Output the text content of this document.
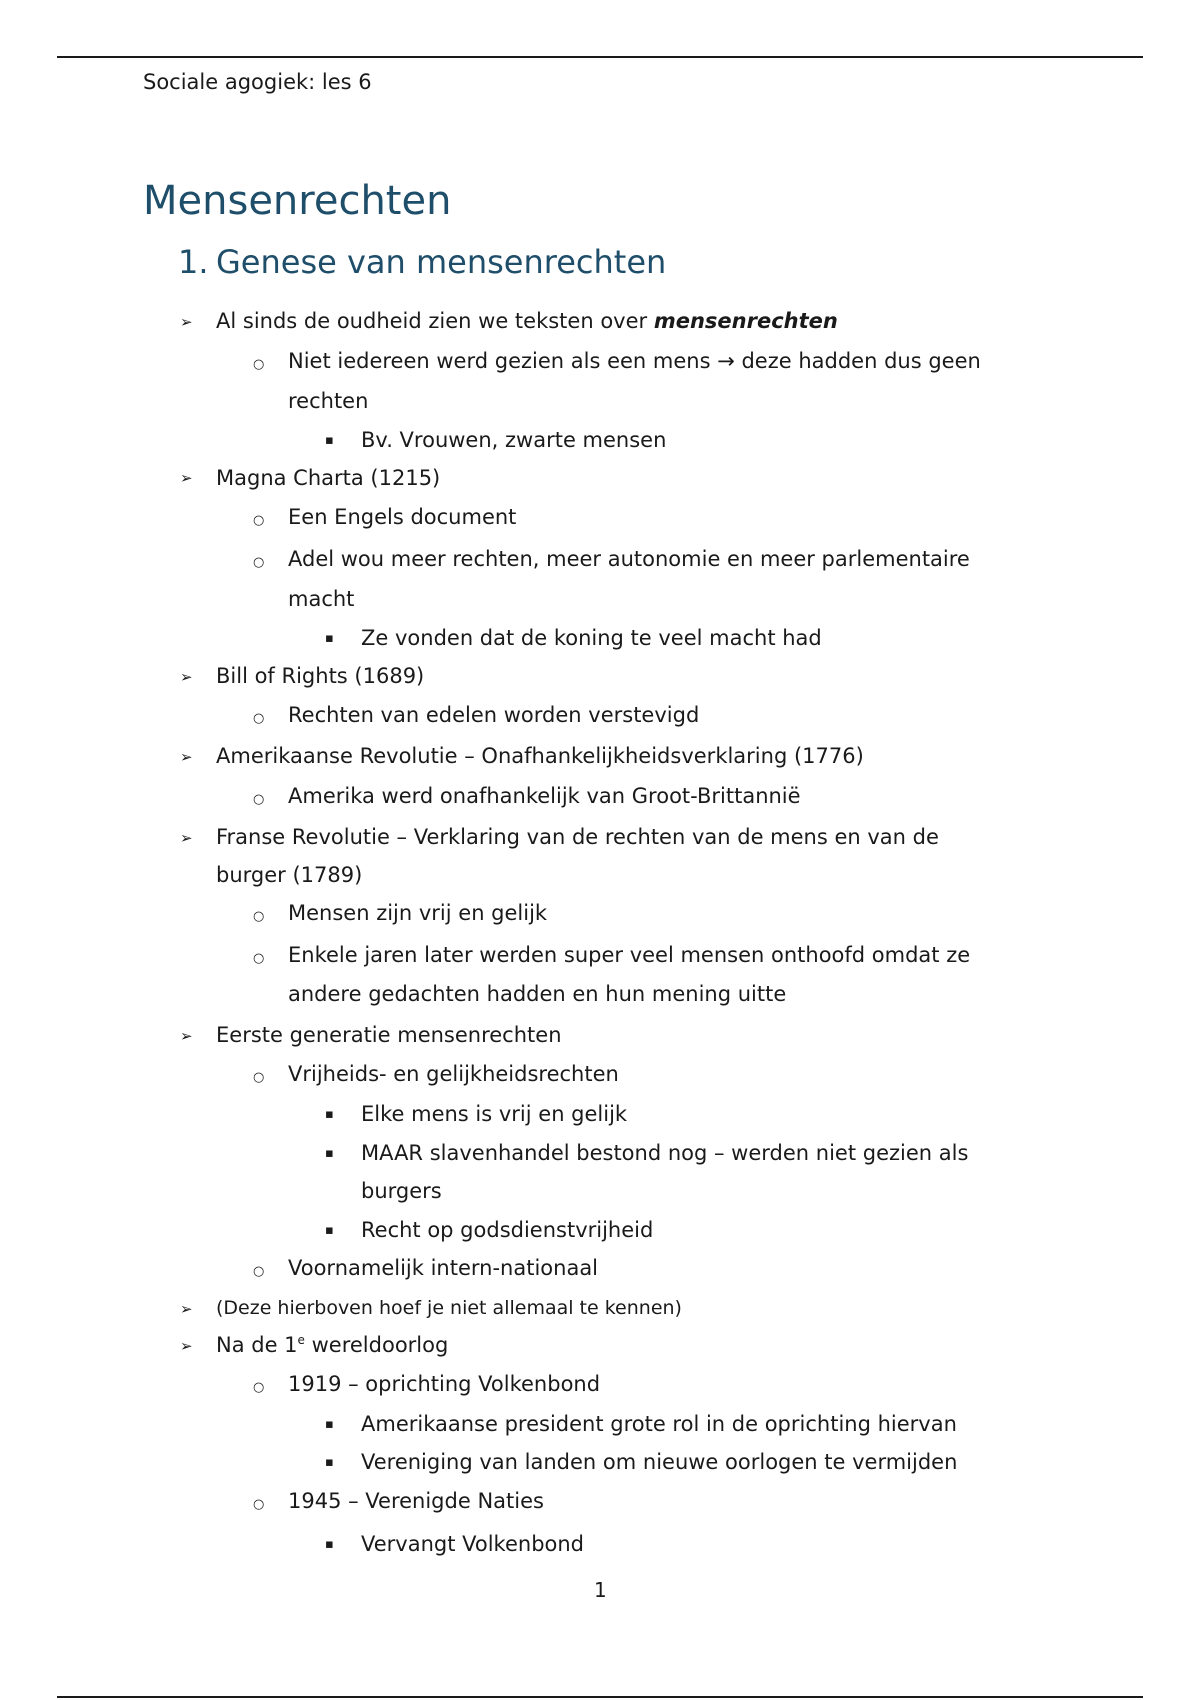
Sociale agogiek: les 6
Mensenrechten
1. Genese van mensenrechten
➢ Al sinds de oudheid zien we teksten over mensenrechten
○ Niet iedereen werd gezien als een mens → deze hadden dus geen
rechten
▪ Bv. Vrouwen, zwarte mensen
➢ Magna Charta (1215)
○ Een Engels document
○ Adel wou meer rechten, meer autonomie en meer parlementaire
macht
▪ Ze vonden dat de koning te veel macht had
➢ Bill of Rights (1689)
○ Rechten van edelen worden verstevigd
➢ Amerikaanse Revolutie – Onafhankelijkheidsverklaring (1776)
○ Amerika werd onafhankelijk van Groot-Brittannië
➢ Franse Revolutie – Verklaring van de rechten van de mens en van de
burger (1789)
○ Mensen zijn vrij en gelijk
○ Enkele jaren later werden super veel mensen onthoofd omdat ze
andere gedachten hadden en hun mening uitte
➢ Eerste generatie mensenrechten
○ Vrijheids- en gelijkheidsrechten
▪ Elke mens is vrij en gelijk
▪ MAAR slavenhandel bestond nog – werden niet gezien als
burgers
▪ Recht op godsdienstvrijheid
○ Voornamelijk intern-nationaal
➢ (Deze hierboven hoef je niet allemaal te kennen)
➢ Na de 1e wereldoorlog
○ 1919 – oprichting Volkenbond
▪ Amerikaanse president grote rol in de oprichting hiervan
▪ Vereniging van landen om nieuwe oorlogen te vermijden
○ 1945 – Verenigde Naties
▪ Vervangt Volkenbond
1
